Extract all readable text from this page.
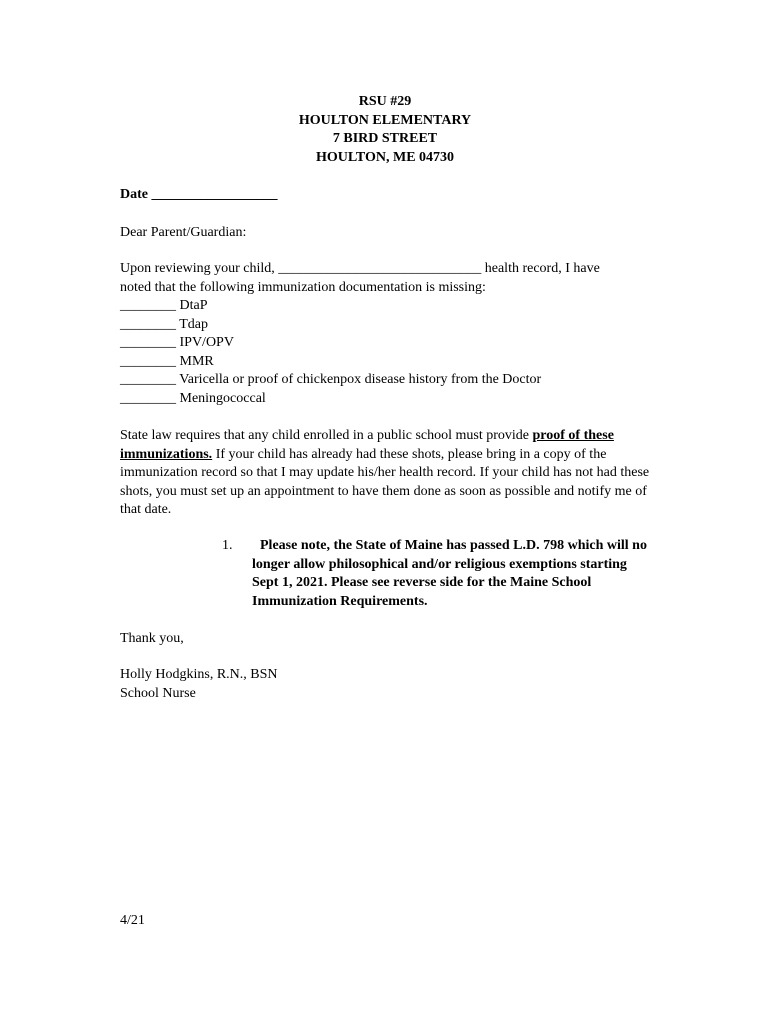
RSU #29
HOULTON ELEMENTARY
7 BIRD STREET
HOULTON, ME 04730
Date __________________
Dear Parent/Guardian:

Upon reviewing your child, _____________________________ health record, I have

noted that the following immunization documentation is missing:

________ DtaP
________ Tdap
________ IPV/OPV
________ MMR
________ Varicella or proof of chickenpox disease history from the Doctor
________ Meningococcal

State law requires that any child enrolled in a public school must provide proof of these immunizations. If your child has already had these shots, please bring in a copy of the immunization record so that I may update his/her health record. If your child has not had these shots, you must set up an appointment to have them done as soon as possible and notify me of that date.

1.	Please note, the State of Maine has passed L.D. 798 which will no longer allow philosophical and/or religious exemptions starting Sept 1, 2021. Please see reverse side for the Maine School Immunization Requirements.
Thank you,
Holly Hodgkins, R.N., BSN
School Nurse
4/21
